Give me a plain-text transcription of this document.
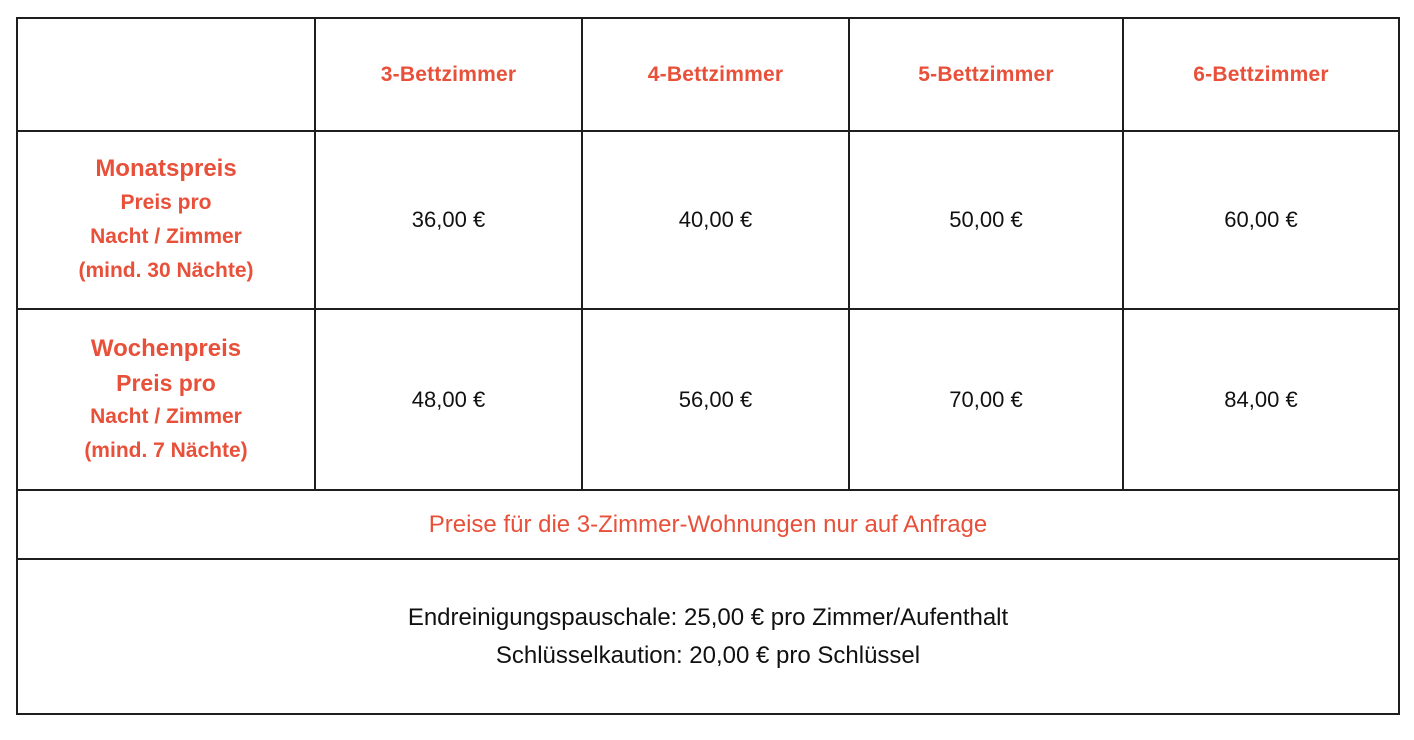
	3-Bettzimmer	4-Bettzimmer	5-Bettzimmer	6-Bettzimmer

Monatspreis
Preis pro
Nacht / Zimmer
(mind. 30 Nächte)	36,00 €	40,00 €	50,00 €	60,00 €

Wochenpreis
Preis pro
Nacht / Zimmer
(mind. 7 Nächte)	48,00 €	56,00 €	70,00 €	84,00 €
Preise für die 3-Zimmer-Wohnungen nur auf Anfrage				

Endreinigungspauschale: 25,00 € pro Zimmer/Aufenthalt
Schlüsselkaution: 20,00 € pro Schlüssel				
